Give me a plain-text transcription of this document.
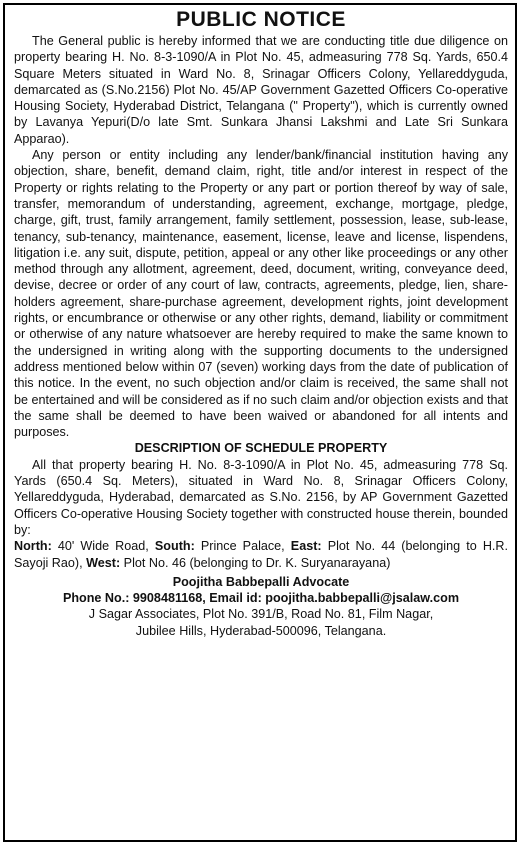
PUBLIC NOTICE

The General public is hereby informed that we are conducting title due diligence on property bearing H. No. 8-3-1090/A in Plot No. 45, admeasuring 778 Sq. Yards, 650.4 Square Meters situated in Ward No. 8, Srinagar Officers Colony, Yellareddyguda, demarcated as (S.No.2156) Plot No. 45/AP Government Gazetted Officers Co-operative Housing Society, Hyderabad District, Telangana (" Property"), which is currently owned by Lavanya Yepuri(D/o late Smt. Sunkara Jhansi Lakshmi and Late Sri Sunkara Apparao).

Any person or entity including any lender/bank/financial institution having any objection, share, benefit, demand claim, right, title and/or interest in respect of the Property or rights relating to the Property or any part or portion thereof by way of sale, transfer, memorandum of understanding, agreement, exchange, mortgage, pledge, charge, gift, trust, family arrangement, family settlement, possession, lease, sub-lease, tenancy, sub-tenancy, maintenance, easement, license, leave and license, lispendens, litigation i.e. any suit, dispute, petition, appeal or any other like proceedings or any other method through any allotment, agreement, deed, document, writing, conveyance deed, devise, decree or order of any court of law, contracts, agreements, pledge, lien, share-holders agreement, share-purchase agreement, development rights, joint development rights, or encumbrance or otherwise or any other rights, demand, liability or commitment or otherwise of any nature whatsoever are hereby required to make the same known to the undersigned in writing along with the supporting documents to the undersigned address mentioned below within 07 (seven) working days from the date of publication of this notice. In the event, no such objection and/or claim is received, the same shall not be entertained and will be considered as if no such claim and/or objection exists and that the same shall be deemed to have been waived or abandoned for all intents and purposes.

DESCRIPTION OF SCHEDULE PROPERTY

All that property bearing H. No. 8-3-1090/A in Plot No. 45, admeasuring 778 Sq. Yards (650.4 Sq. Meters), situated in Ward No. 8, Srinagar Officers Colony, Yellareddyguda, Hyderabad, demarcated as S.No. 2156, by AP Government Gazetted Officers Co-operative Housing Society together with constructed house therein, bounded by:

North: 40' Wide Road, South: Prince Palace, East: Plot No. 44 (belonging to H.R. Sayoji Rao), West: Plot No. 46 (belonging to Dr. K. Suryanarayana)

Poojitha Babbepalli Advocate

Phone No.: 9908481168, Email id: poojitha.babbepalli@jsalaw.com

J Sagar Associates, Plot No. 391/B, Road No. 81, Film Nagar,

Jubilee Hills, Hyderabad-500096, Telangana.
